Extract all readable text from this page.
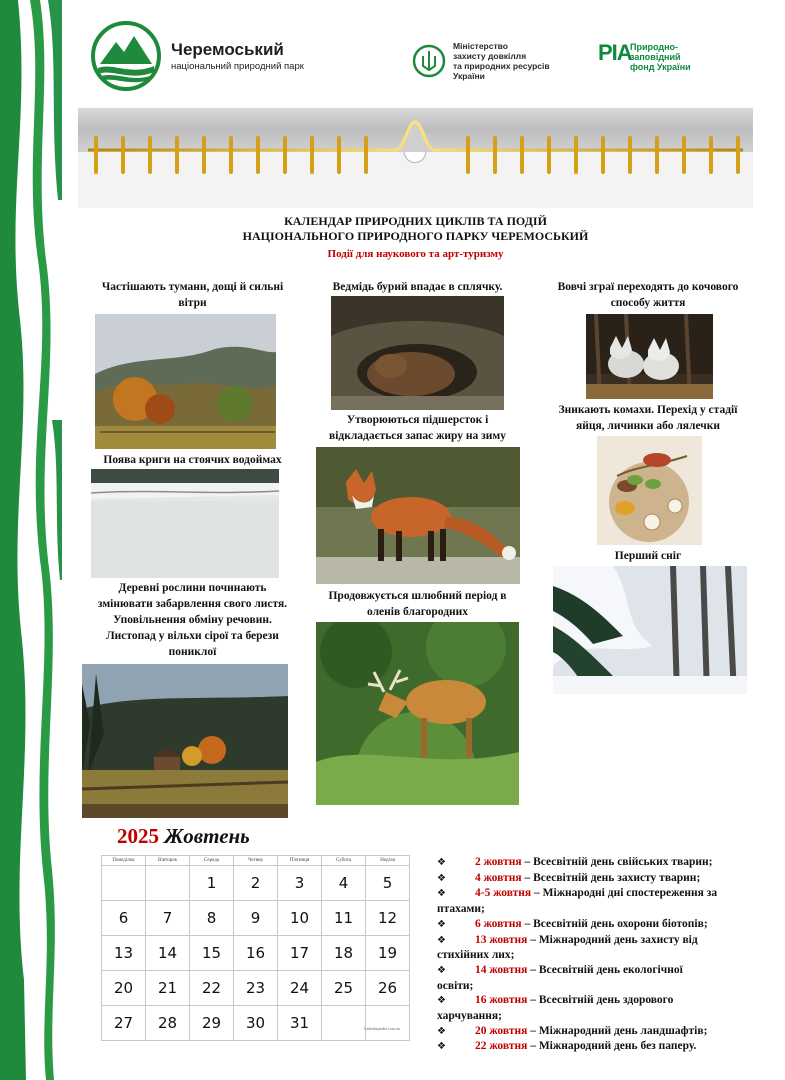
Черемоський
національний природний парк
Міністерство
захисту довкілля
та природних ресурсів
України
PIA
Природно-
заповідний
фонд України
КАЛЕНДАР ПРИРОДНИХ ЦИКЛІВ ТА ПОДІЙ
НАЦІОНАЛЬНОГО ПРИРОДНОГО ПАРКУ ЧЕРЕМОСЬКИЙ
Події для наукового та арт-туризму
Частішають тумани, дощі й сильні
вітри
Поява криги на стоячих водоймах
Деревні рослини починають
змінювати забарвлення свого листя.
Уповільнення обміну речовин.
Листопад у вільхи сірої та берези
пониклої
Ведмідь бурий впадає в сплячку.
Утворюються підшерсток і
відкладається запас жиру на зиму
Продовжується шлюбний період в
оленів благородних
Вовчі зграї переходять до кочового
способу життя
Зникають комахи. Перехід у стадії
яйця, личинки або лялечки
Перший сніг
2025 Жовтень
Понеділок	Вівторок	Середа	Четвер	П'ятниця	Субота	Неділя
		1	2	3	4	5
6	7	8	9	10	11	12
13	14	15	16	17	18	19
20	21	22	23	24	25	26
27	28	29	30	31			Calendarpedia.com.ua
❖	2 жовтня – Всесвітній день свійських тварин;
❖	4 жовтня – Всесвітній день захисту тварин;
❖	4-5 жовтня – Міжнародні дні спостереження за
птахами;
❖	6 жовтня – Всесвітній день охорони біотопів;
❖	13 жовтня – Міжнародний день захисту від
стихійних лих;
❖	14 жовтня – Всесвітній день екологічної
освіти;
❖	16 жовтня – Всесвітній день здорового
харчування;
❖	20 жовтня – Міжнародний день ландшафтів;
❖	22 жовтня – Міжнародний день без паперу.
